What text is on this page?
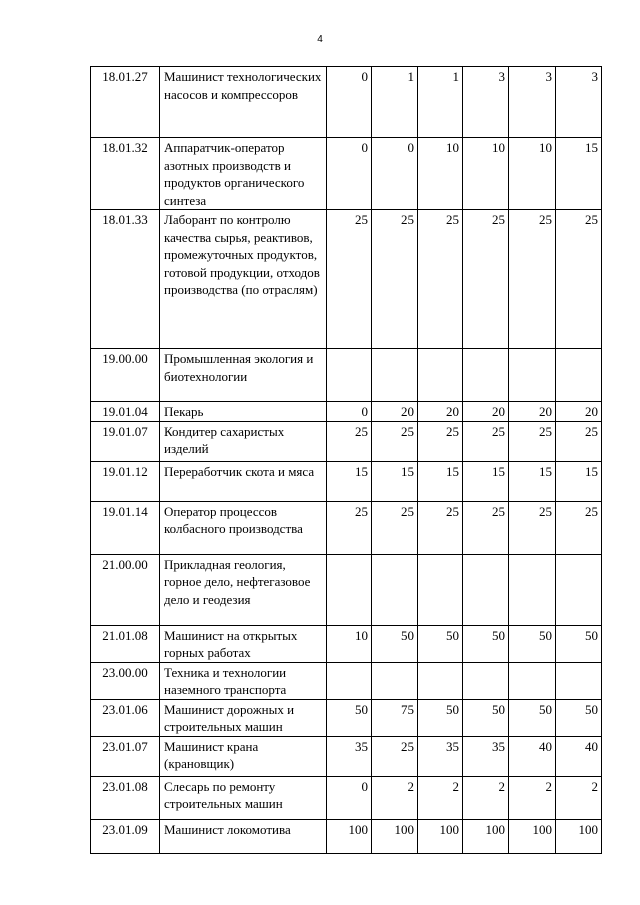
4
18.01.27	Машинист технологических насосов и компрессоров	0	1	1	3	3	3
18.01.32	Аппаратчик-оператор азотных производств и продуктов органического синтеза	0	0	10	10	10	15
18.01.33	Лаборант по контролю качества сырья, реактивов, промежуточных продуктов, готовой продукции, отходов производства (по отраслям)	25	25	25	25	25	25
19.00.00	Промышленная экология и биотехнологии						
19.01.04	Пекарь	0	20	20	20	20	20
19.01.07	Кондитер сахаристых изделий	25	25	25	25	25	25
19.01.12	Переработчик скота и мяса	15	15	15	15	15	15
19.01.14	Оператор процессов колбасного производства	25	25	25	25	25	25
21.00.00	Прикладная геология, горное дело, нефтегазовое дело и геодезия						
21.01.08	Машинист на открытых горных работах	10	50	50	50	50	50
23.00.00	Техника и технологии наземного транспорта						
23.01.06	Машинист дорожных и строительных машин	50	75	50	50	50	50
23.01.07	Машинист крана (крановщик)	35	25	35	35	40	40
23.01.08	Слесарь по ремонту строительных машин	0	2	2	2	2	2
23.01.09	Машинист локомотива	100	100	100	100	100	100
